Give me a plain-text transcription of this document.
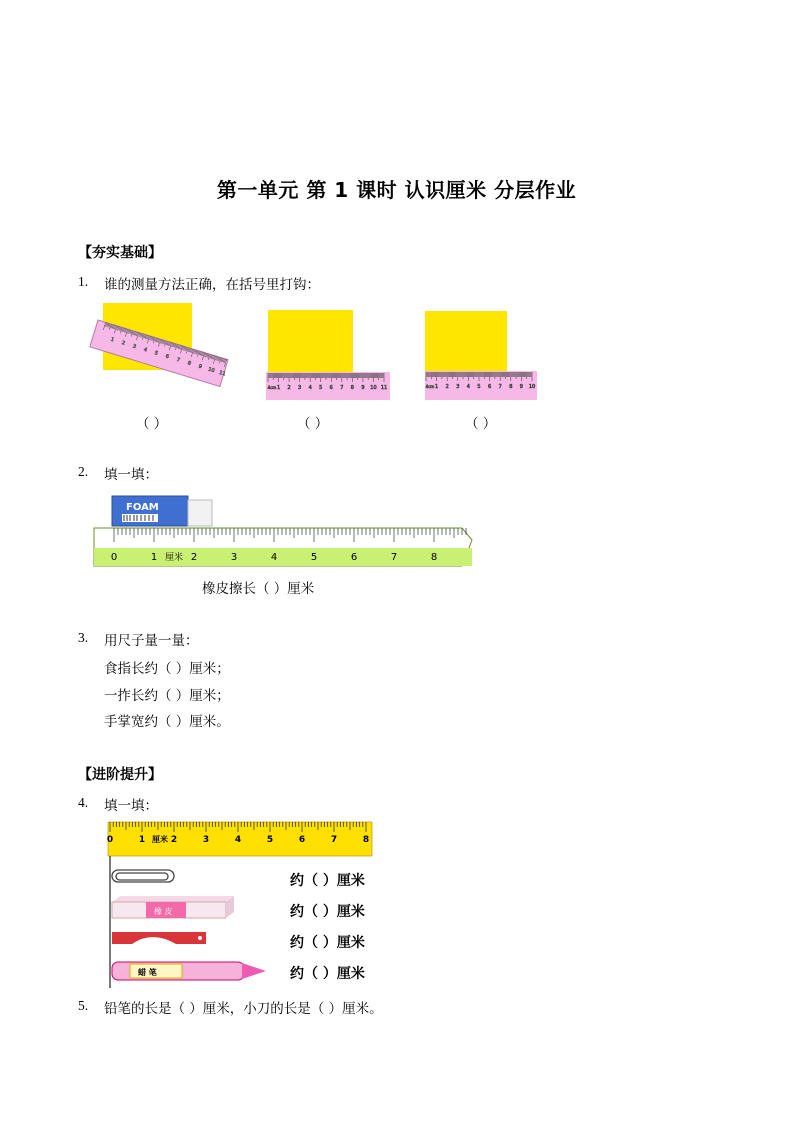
第一单元 第 1 课时 认识厘米 分层作业
【夯实基础】
1. 谁的测量方法正确，在括号里打钩：
1
2
3
4
5
6
7
8
9 10 11
1 2 3 4 5 6 7 8 9 10 11
4cm	1 2 3 4 5 6 7 8 9 10
4cm
（ ）	（ ）	（ ）
2. 填一填：
FOAM
0	1	2	3	4	5	6	7	8
厘米
橡皮擦长（ ）厘米
3. 用尺子量一量：
食指长约（ ）厘米；
一拃长约（ ）厘米；
手掌宽约（ ）厘米。
【进阶提升】
4. 填一填：
0	1	2	3	4	5	6	7	8
厘米
橡 皮
蜡 笔
约（ ）厘米
约（ ）厘米
约（ ）厘米
约（ ）厘米
5. 铅笔的长是（ ）厘米，小刀的长是（ ）厘米。
